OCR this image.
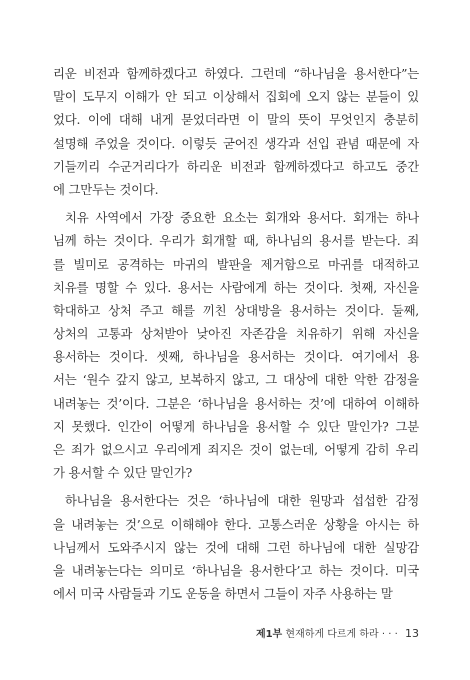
리운 비전과 함께하겠다고 하였다. 그런데 “하나님을 용서한다”는
말이 도무지 이해가 안 되고 이상해서 집회에 오지 않는 분들이 있
었다. 이에 대해 내게 묻었더라면 이 말의 뜻이 무엇인지 충분히
설명해 주었을 것이다. 이렇듯 굳어진 생각과 선입 관념 때문에 자
기들끼리 수군거리다가 하리운 비전과 함께하겠다고 하고도 중간
에 그만두는 것이다.
치유 사역에서 가장 중요한 요소는 회개와 용서다. 회개는 하나
님께 하는 것이다. 우리가 회개할 때, 하나님의 용서를 받는다. 죄
를 빌미로 공격하는 마귀의 발판을 제거함으로 마귀를 대적하고
치유를 명할 수 있다. 용서는 사람에게 하는 것이다. 첫째, 자신을
학대하고 상처 주고 해를 끼친 상대방을 용서하는 것이다. 둘째,
상처의 고통과 상처받아 낮아진 자존감을 치유하기 위해 자신을
용서하는 것이다. 셋째, 하나님을 용서하는 것이다. 여기에서 용
서는 ‘원수 갚지 않고, 보복하지 않고, 그 대상에 대한 악한 감정을
내려놓는 것’이다. 그분은 ‘하나님을 용서하는 것’에 대하여 이해하
지 못했다. 인간이 어떻게 하나님을 용서할 수 있단 말인가? 그분
은 죄가 없으시고 우리에게 죄지은 것이 없는데, 어떻게 감히 우리
가 용서할 수 있단 말인가?
하나님을 용서한다는 것은 ‘하나님에 대한 원망과 섭섭한 감정
을 내려놓는 것’으로 이해해야 한다. 고통스러운 상황을 아시는 하
나님께서 도와주시지 않는 것에 대해 그런 하나님에 대한 실망감
을 내려놓는다는 의미로 ‘하나님을 용서한다’고 하는 것이다. 미국
에서 미국 사람들과 기도 운동을 하면서 그들이 자주 사용하는 말
제1부 현재하게 다르게 하라 · · · 13
